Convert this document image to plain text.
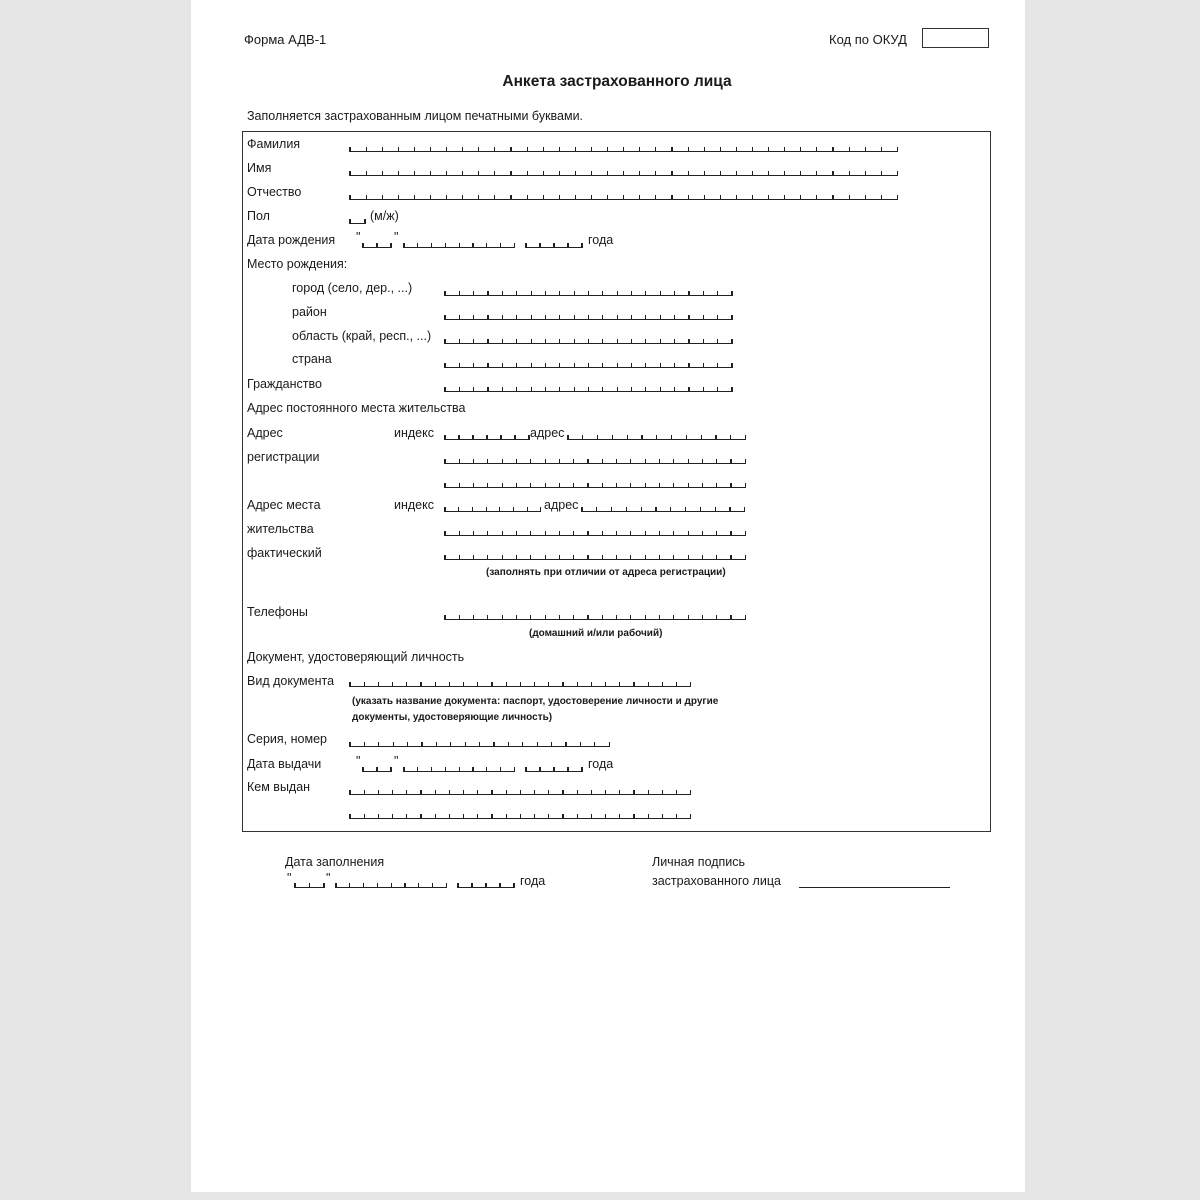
Форма АДВ-1	Код по ОКУД
Анкета застрахованного лица
Заполняется застрахованным лицом печатными буквами.
Фамилия
Имя
Отчество
Пол	(м/ж)
Дата рождения "	"	года
Место рождения:
город (село, дер., ...)
район
область (край, респ., ...)
страна
Гражданство
Адрес постоянного места жительства
Адрес
регистрации
индекс	адрес
Адрес места
жительства
фактический
индекс	адрес
(заполнять при отличии от адреса регистрации)
Телефоны
(домашний и/или рабочий)
Документ, удостоверяющий личность
Вид документа
(указать название документа: паспорт, удостоверение личности и другие
документы, удостоверяющие личность)
Серия, номер
Дата выдачи	"	"	года
Кем выдан
Дата заполнения
"	"	года
Личная подпись
застрахованного лица
